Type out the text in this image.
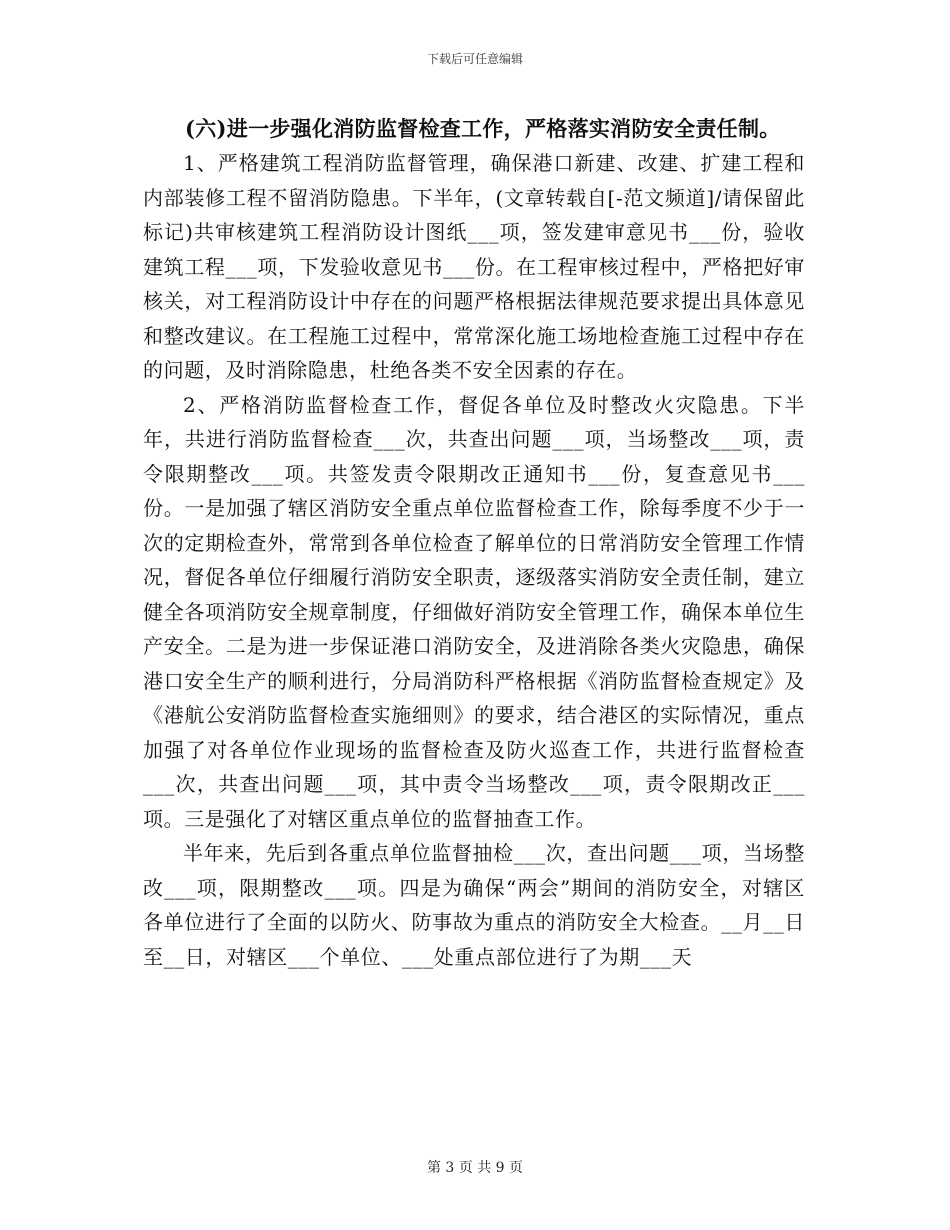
下载后可任意编辑

(六)进一步强化消防监督检查工作，严格落实消防安全责任制。

1、严格建筑工程消防监督管理，确保港口新建、改建、扩建工程和内部装修工程不留消防隐患。下半年，(文章转载自[-范文频道]/请保留此标记)共审核建筑工程消防设计图纸___项，签发建审意见书___份，验收建筑工程___项，下发验收意见书___份。在工程审核过程中，严格把好审核关，对工程消防设计中存在的问题严格根据法律规范要求提出具体意见和整改建议。在工程施工过程中，常常深化施工场地检查施工过程中存在的问题，及时消除隐患，杜绝各类不安全因素的存在。

2、严格消防监督检查工作，督促各单位及时整改火灾隐患。下半年，共进行消防监督检查___次，共查出问题___项，当场整改___项，责令限期整改___项。共签发责令限期改正通知书___份，复查意见书___份。一是加强了辖区消防安全重点单位监督检查工作，除每季度不少于一次的定期检查外，常常到各单位检查了解单位的日常消防安全管理工作情况，督促各单位仔细履行消防安全职责，逐级落实消防安全责任制，建立健全各项消防安全规章制度，仔细做好消防安全管理工作，确保本单位生产安全。二是为进一步保证港口消防安全，及进消除各类火灾隐患，确保港口安全生产的顺利进行，分局消防科严格根据《消防监督检查规定》及《港航公安消防监督检查实施细则》的要求，结合港区的实际情况，重点加强了对各单位作业现场的监督检查及防火巡查工作，共进行监督检查___次，共查出问题___项，其中责令当场整改___项，责令限期改正___项。三是强化了对辖区重点单位的监督抽查工作。

半年来，先后到各重点单位监督抽检___次，查出问题___项，当场整改___项，限期整改___项。四是为确保“两会”期间的消防安全，对辖区各单位进行了全面的以防火、防事故为重点的消防安全大检查。__月__日至__日，对辖区___个单位、___处重点部位进行了为期___天

第 3 页 共 9 页
